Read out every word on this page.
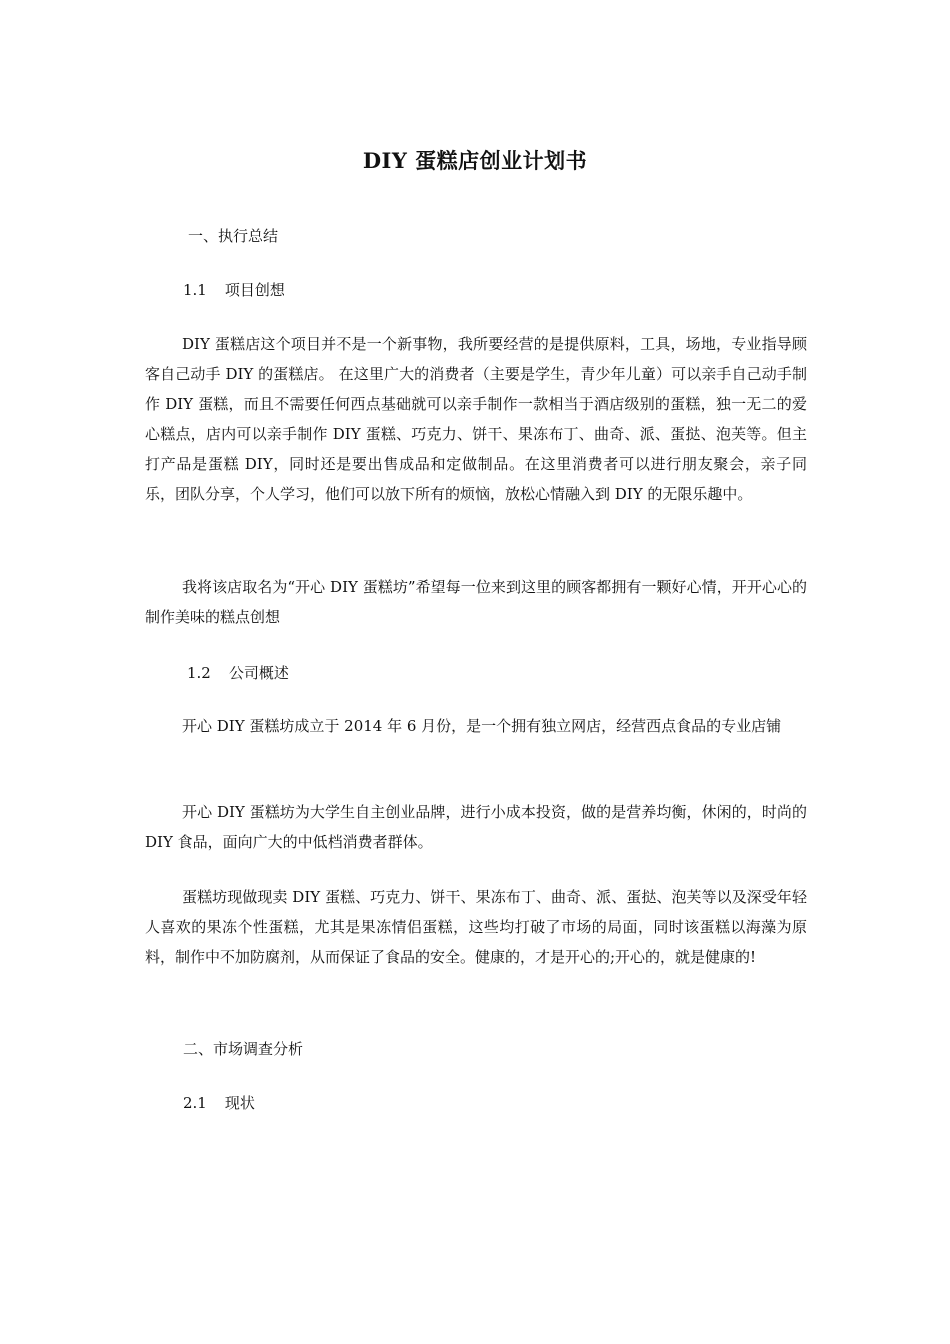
DIY 蛋糕店创业计划书
一、执行总结
1.1 项目创想

DIY 蛋糕店这个项目并不是一个新事物，我所要经营的是提供原料，工具，场地，专业指导顾客自己动手 DIY 的蛋糕店。 在这里广大的消费者（主要是学生，青少年儿童）可以亲手自己动手制作 DIY 蛋糕，而且不需要任何西点基础就可以亲手制作一款相当于酒店级别的蛋糕，独一无二的爱心糕点，店内可以亲手制作 DIY 蛋糕、巧克力、饼干、果冻布丁、曲奇、派、蛋挞、泡芙等。但主打产品是蛋糕 DIY，同时还是要出售成品和定做制品。在这里消费者可以进行朋友聚会，亲子同乐，团队分享，个人学习，他们可以放下所有的烦恼，放松心情融入到 DIY 的无限乐趣中。

我将该店取名为“开心 DIY 蛋糕坊”希望每一位来到这里的顾客都拥有一颗好心情，开开心心的制作美味的糕点创想

1.2 公司概述

开心 DIY 蛋糕坊成立于 2014 年 6 月份，是一个拥有独立网店，经营西点食品的专业店铺

开心 DIY 蛋糕坊为大学生自主创业品牌，进行小成本投资，做的是营养均衡，休闲的，时尚的 DIY 食品，面向广大的中低档消费者群体。

蛋糕坊现做现卖 DIY 蛋糕、巧克力、饼干、果冻布丁、曲奇、派、蛋挞、泡芙等以及深受年轻人喜欢的果冻个性蛋糕，尤其是果冻情侣蛋糕，这些均打破了市场的局面，同时该蛋糕以海藻为原料，制作中不加防腐剂，从而保证了食品的安全。健康的，才是开心的;开心的，就是健康的!

二、市场调查分析
2.1 现状
